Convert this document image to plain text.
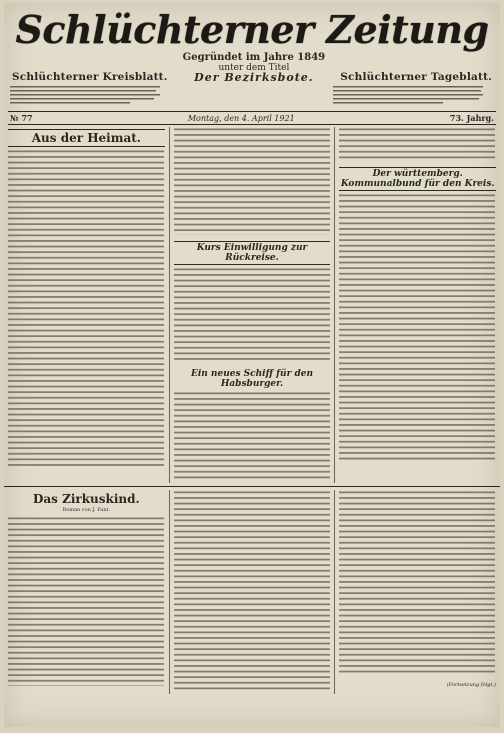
Schlüchterner Zeitung
Schlüchterner Kreisblatt.
Gegründet im Jahre 1849
unter dem Titel
Der Bezirksbote.	Schlüchterner Tageblatt.
№ 77	Montag, den 4. April 1921	73. Jahrg.
Aus der Heimat.
Kurs Einwilligung zur Rückreise.
Ein neues Schiff für den Habsburger.
Der württemberg. Kommunalbund für den Kreis.
Das Zirkuskind.
Roman von J. Fant.
(Fortsetzung folgt.)
